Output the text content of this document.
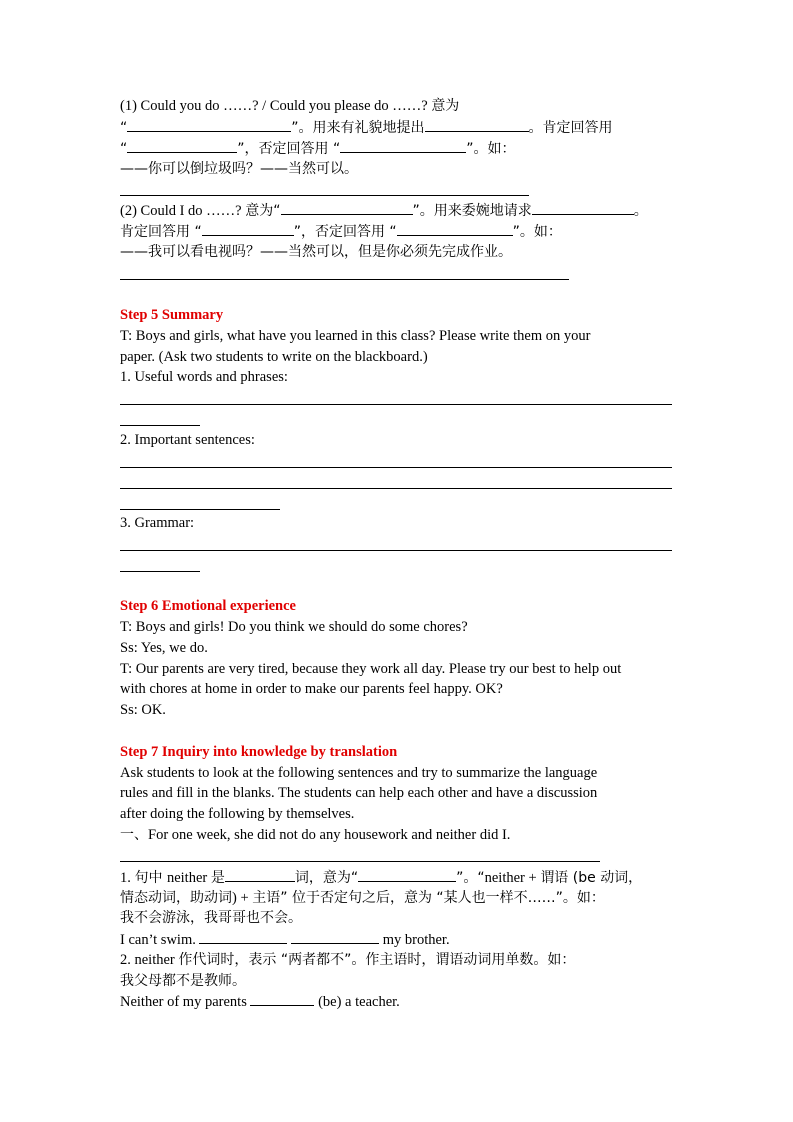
(1) Could you do ……? / Could you please do ……? 意为
“	”。用来有礼貌地提出	。肯定回答用
“	”，否定回答用 “	”。如：
——你可以倒垃圾吗？——当然可以。
(2) Could I do ……? 意为“	”。用来委婉地请求	。
肯定回答用 “	”，否定回答用 “	”。如：
——我可以看电视吗？——当然可以，但是你必须先完成作业。
Step 5 Summary
T: Boys and girls, what have you learned in this class? Please write them on your
paper. (Ask two students to write on the blackboard.)
1. Useful words and phrases:
2. Important sentences:
3. Grammar:
Step 6 Emotional experience
T: Boys and girls! Do you think we should do some chores?
Ss: Yes, we do.
T: Our parents are very tired, because they work all day. Please try our best to help out
with chores at home in order to make our parents feel happy. OK?
Ss: OK.
Step 7 Inquiry into knowledge by translation
Ask students to look at the following sentences and try to summarize the language
rules and fill in the blanks. The students can help each other and have a discussion
after doing the following by themselves.
一、For one week, she did not do any housework and neither did I.
1. 句中 neither 是	词，意为“	”。“neither + 谓语 (be 动词，
情态动词，助动词) + 主语” 位于否定句之后，意为 “某人也一样不……”。如：
我不会游泳，我哥哥也不会。
I can’t swim.	my brother.
2. neither 作代词时，表示 “两者都不”。作主语时，谓语动词用单数。如：
我父母都不是教师。
Neither of my parents	(be) a teacher.
